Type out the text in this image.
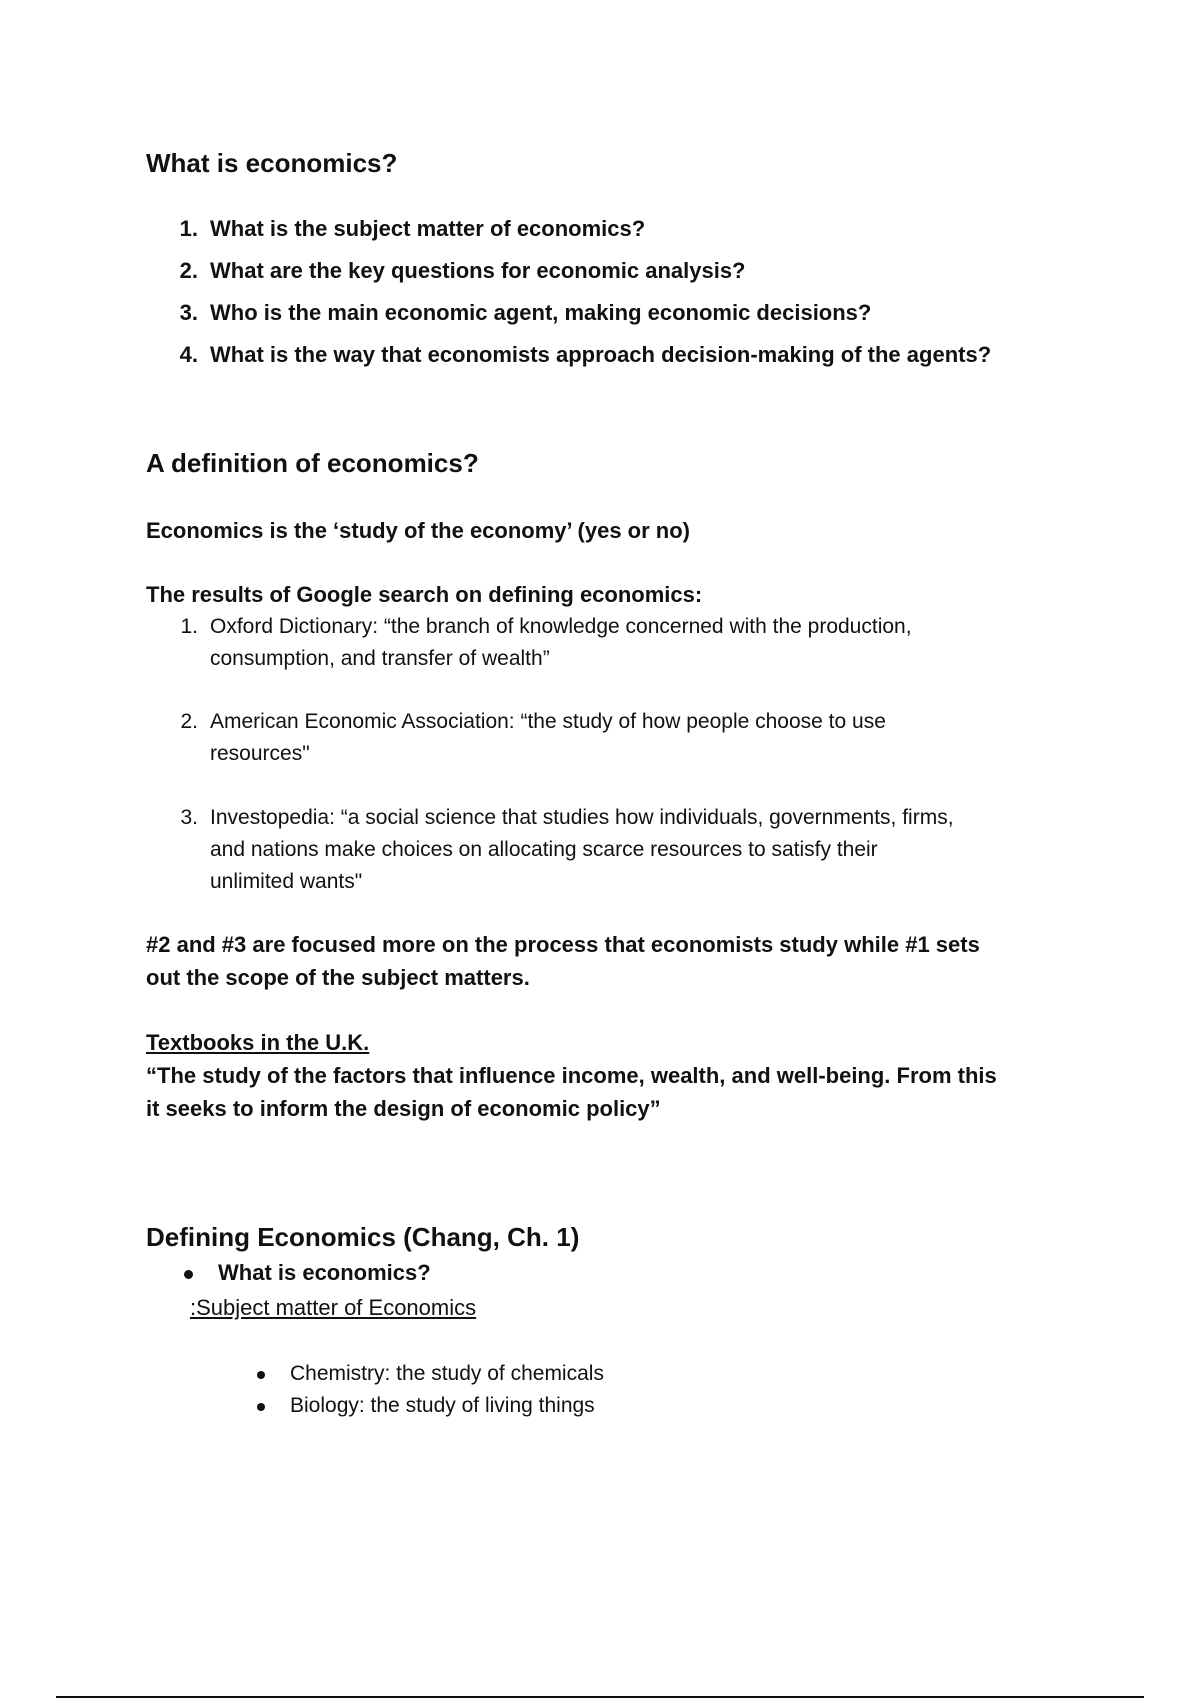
What is economics?
1. What is the subject matter of economics?
2. What are the key questions for economic analysis?
3. Who is the main economic agent, making economic decisions?
4. What is the way that economists approach decision-making of the agents?
A definition of economics?
Economics is the ‘study of the economy’ (yes or no)
The results of Google search on defining economics:
1. Oxford Dictionary: “the branch of knowledge concerned with the production,
consumption, and transfer of wealth”
2. American Economic Association: “the study of how people choose to use
resources"
3. Investopedia: “a social science that studies how individuals, governments, firms,
and nations make choices on allocating scarce resources to satisfy their
unlimited wants"
#2 and #3 are focused more on the process that economists study while #1 sets
out the scope of the subject matters.
Textbooks in the U.K.
“The study of the factors that influence income, wealth, and well-being. From this
it seeks to inform the design of economic policy”
Defining Economics (Chang, Ch. 1)
What is economics?
:Subject matter of Economics
Chemistry: the study of chemicals
Biology: the study of living things
